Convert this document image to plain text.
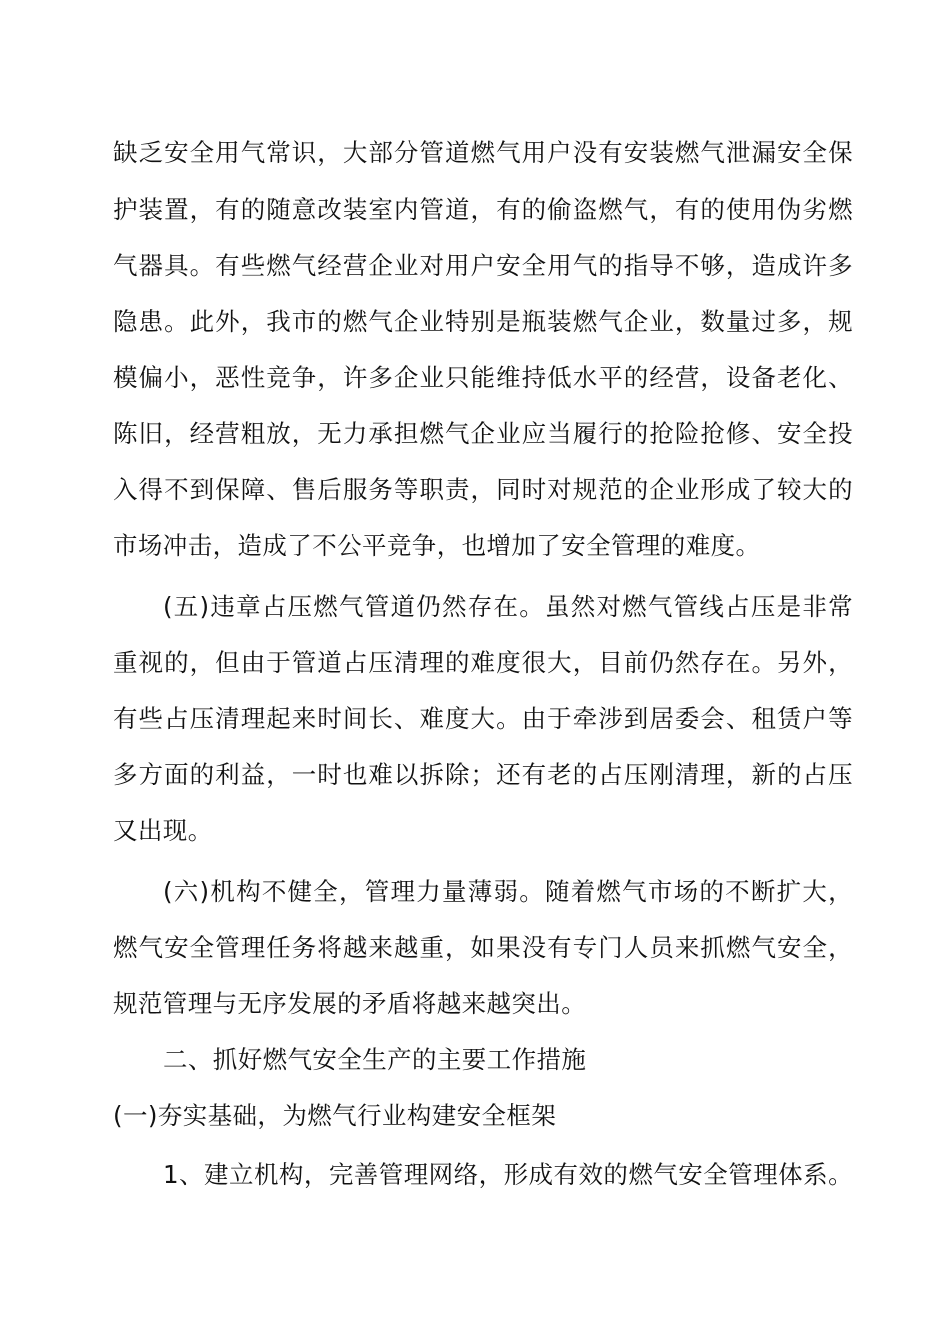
缺乏安全用气常识，大部分管道燃气用户没有安装燃气泄漏安全保
护装置，有的随意改装室内管道，有的偷盗燃气，有的使用伪劣燃
气器具。有些燃气经营企业对用户安全用气的指导不够，造成许多
隐患。此外，我市的燃气企业特别是瓶装燃气企业，数量过多，规
模偏小，恶性竞争，许多企业只能维持低水平的经营，设备老化、
陈旧，经营粗放，无力承担燃气企业应当履行的抢险抢修、安全投
入得不到保障、售后服务等职责，同时对规范的企业形成了较大的
市场冲击，造成了不公平竞争，也增加了安全管理的难度。
(五)违章占压燃气管道仍然存在。虽然对燃气管线占压是非常
重视的，但由于管道占压清理的难度很大，目前仍然存在。另外，
有些占压清理起来时间长、难度大。由于牵涉到居委会、租赁户等
多方面的利益，一时也难以拆除；还有老的占压刚清理，新的占压
又出现。
(六)机构不健全，管理力量薄弱。随着燃气市场的不断扩大，
燃气安全管理任务将越来越重，如果没有专门人员来抓燃气安全，
规范管理与无序发展的矛盾将越来越突出。
二、抓好燃气安全生产的主要工作措施
(一)夯实基础，为燃气行业构建安全框架
1、建立机构，完善管理网络，形成有效的燃气安全管理体系。
